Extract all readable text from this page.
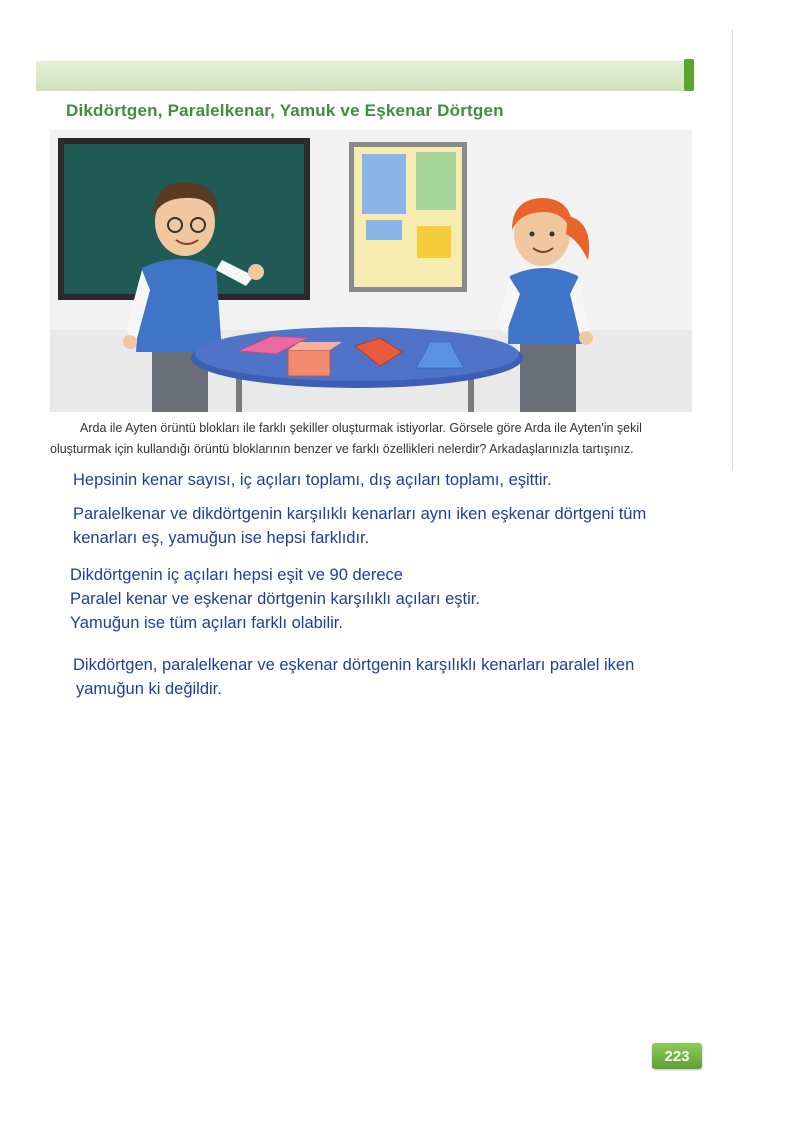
Dikdörtgen, Paralelkenar, Yamuk ve Eşkenar Dörtgen
Arda ile Ayten örüntü blokları ile farklı şekiller oluşturmak istiyorlar. Görsele göre Arda ile Ayten'in şekil
oluşturmak için kullandığı örüntü bloklarının benzer ve farklı özellikleri nelerdir? Arkadaşlarınızla tartışınız.

Hepsinin kenar sayısı, iç açıları toplamı, dış açıları toplamı, eşittir.

Paralelkenar ve dikdörtgenin karşılıklı kenarları aynı iken eşkenar dörtgeni tüm
kenarları eş, yamuğun ise hepsi farklıdır.

Dikdörtgenin iç açıları hepsi eşit ve 90 derece
Paralel kenar ve eşkenar dörtgenin karşılıklı açıları eştir.
Yamuğun ise tüm açıları farklı olabilir.

Dikdörtgen, paralelkenar ve eşkenar dörtgenin karşılıklı kenarları paralel iken
yamuğun ki değildir.

223
